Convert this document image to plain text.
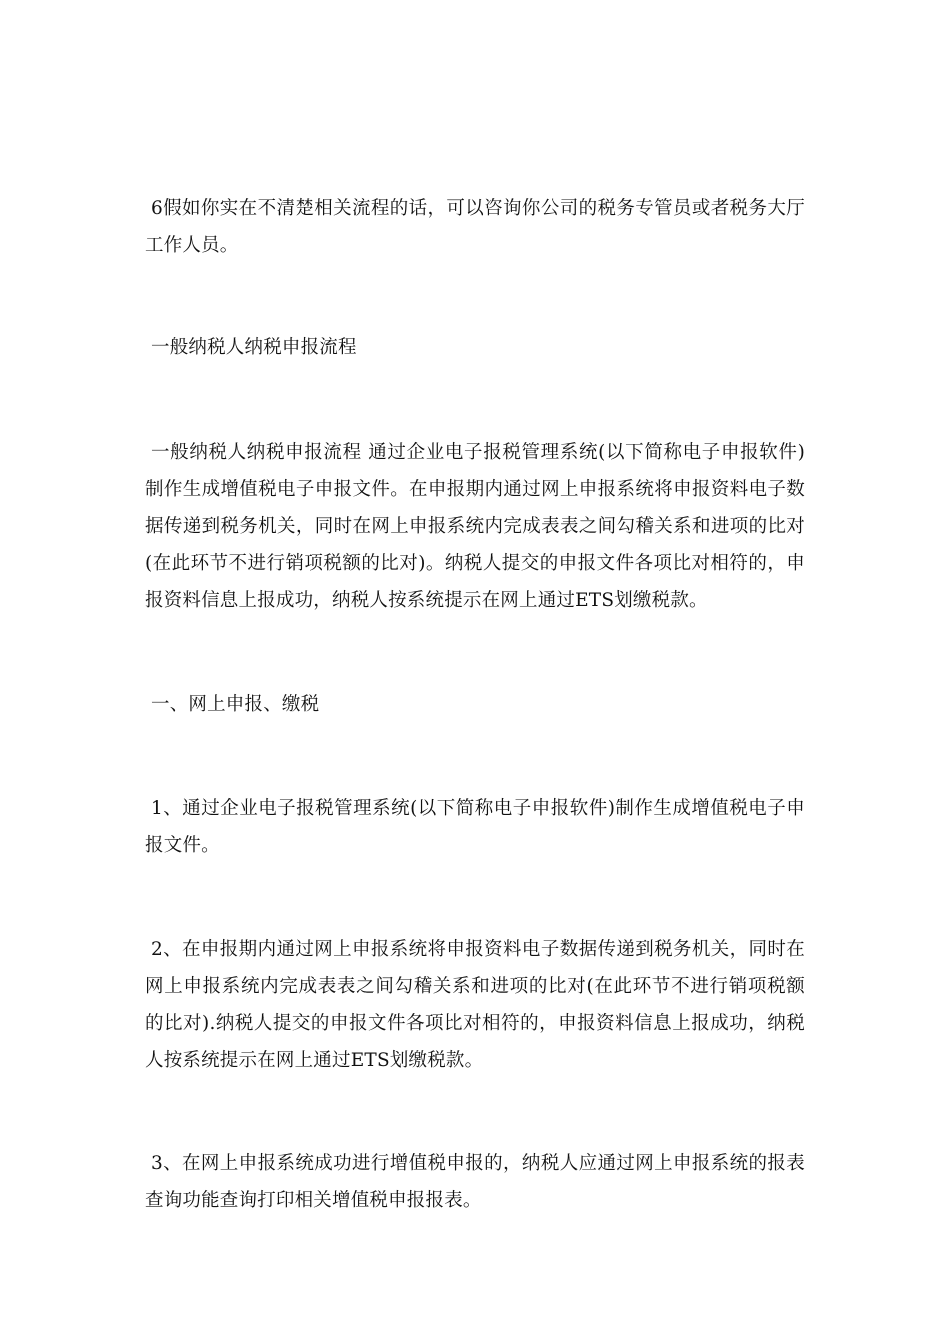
6假如你实在不清楚相关流程的话，可以咨询你公司的税务专管员或者税务大厅工作人员。

一般纳税人纳税申报流程

一般纳税人纳税申报流程 通过企业电子报税管理系统(以下简称电子申报软件)制作生成增值税电子申报文件。在申报期内通过网上申报系统将申报资料电子数据传递到税务机关，同时在网上申报系统内完成表表之间勾稽关系和进项的比对(在此环节不进行销项税额的比对)。纳税人提交的申报文件各项比对相符的，申报资料信息上报成功，纳税人按系统提示在网上通过ETS划缴税款。

一、网上申报、缴税

1、通过企业电子报税管理系统(以下简称电子申报软件)制作生成增值税电子申报文件。

2、在申报期内通过网上申报系统将申报资料电子数据传递到税务机关，同时在网上申报系统内完成表表之间勾稽关系和进项的比对(在此环节不进行销项税额的比对).纳税人提交的申报文件各项比对相符的，申报资料信息上报成功，纳税人按系统提示在网上通过ETS划缴税款。

3、在网上申报系统成功进行增值税申报的，纳税人应通过网上申报系统的报表查询功能查询打印相关增值税申报报表。
